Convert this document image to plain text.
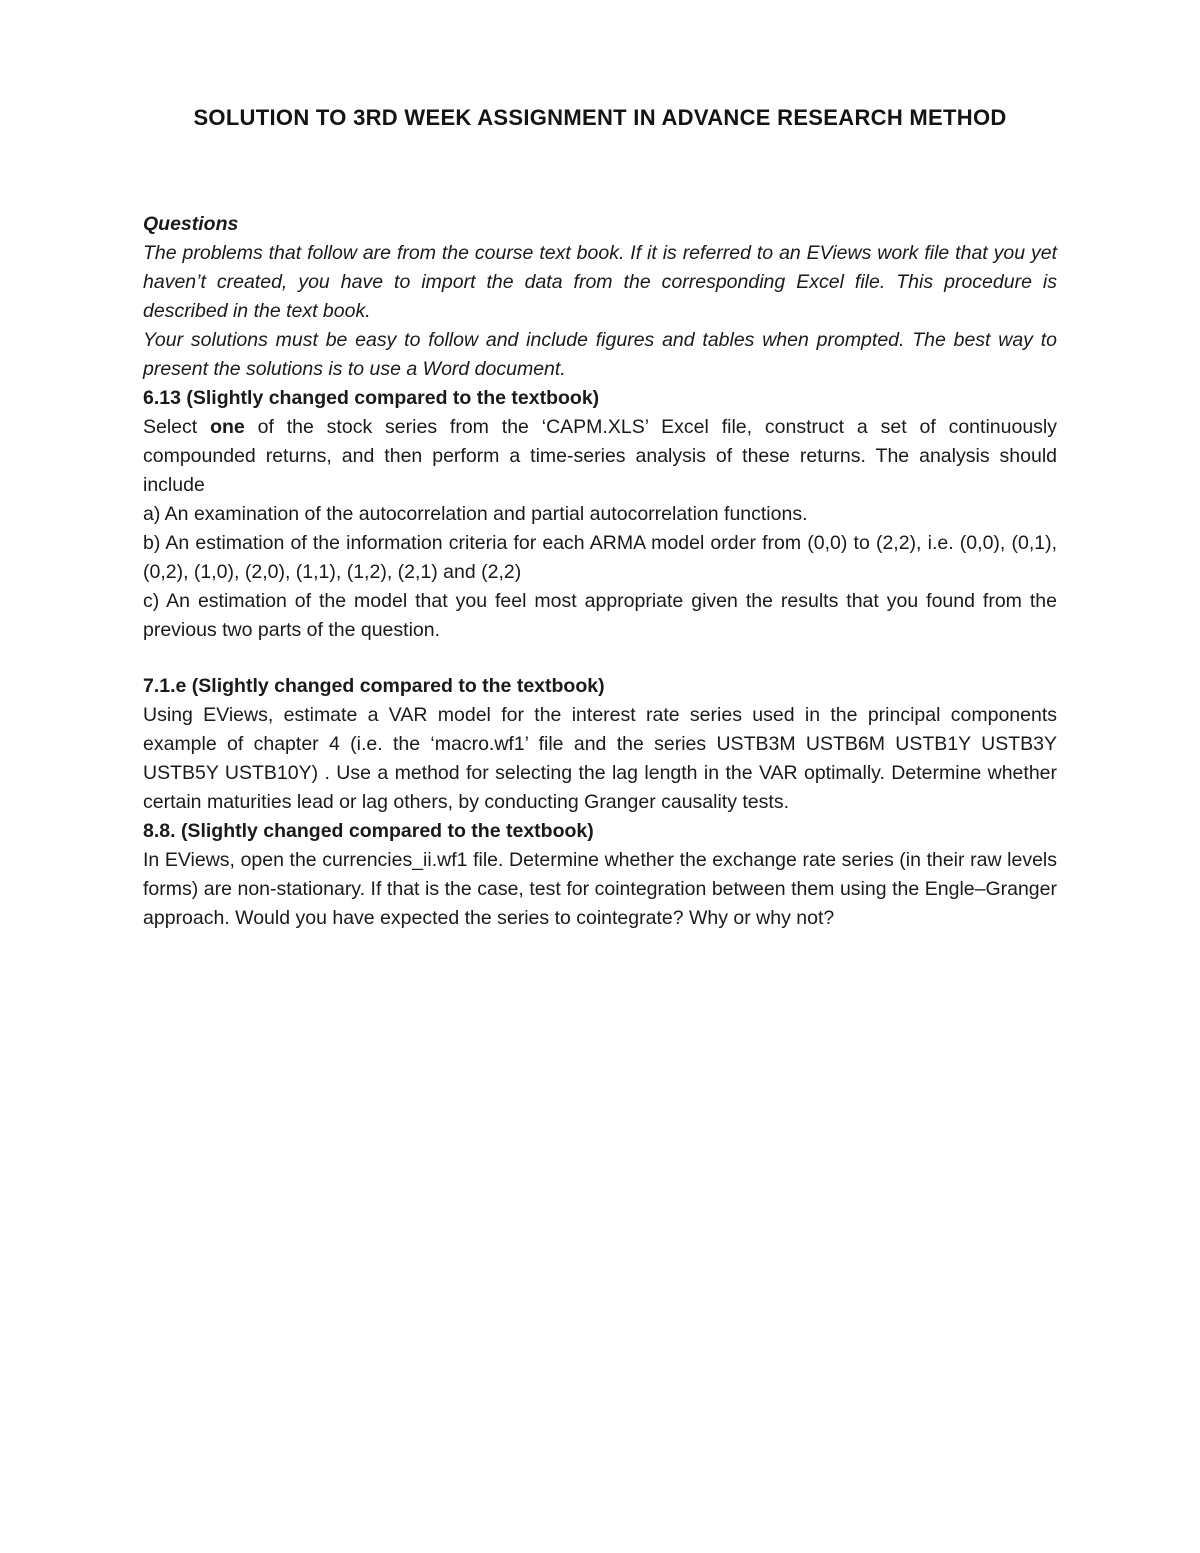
SOLUTION TO 3RD WEEK ASSIGNMENT IN ADVANCE RESEARCH METHOD

Questions

The problems that follow are from the course text book. If it is referred to an EViews work file that you yet haven’t created, you have to import the data from the corresponding Excel file. This procedure is described in the text book.

Your solutions must be easy to follow and include figures and tables when prompted. The best way to present the solutions is to use a Word document.

6.13 (Slightly changed compared to the textbook)

Select one of the stock series from the ‘CAPM.XLS’ Excel file, construct a set of continuously compounded returns, and then perform a time-series analysis of these returns. The analysis should include

a) An examination of the autocorrelation and partial autocorrelation functions.

b) An estimation of the information criteria for each ARMA model order from (0,0) to (2,2), i.e. (0,0), (0,1), (0,2), (1,0), (2,0), (1,1), (1,2), (2,1) and (2,2)

c) An estimation of the model that you feel most appropriate given the results that you found from the previous two parts of the question.

7.1.e (Slightly changed compared to the textbook)

Using EViews, estimate a VAR model for the interest rate series used in the principal components example of chapter 4 (i.e. the ‘macro.wf1’ file and the series USTB3M USTB6M USTB1Y USTB3Y USTB5Y USTB10Y) . Use a method for selecting the lag length in the VAR optimally. Determine whether certain maturities lead or lag others, by conducting Granger causality tests.

8.8. (Slightly changed compared to the textbook)

In EViews, open the currencies_ii.wf1 file. Determine whether the exchange rate series (in their raw levels forms) are non-stationary. If that is the case, test for cointegration between them using the Engle–Granger approach. Would you have expected the series to cointegrate? Why or why not?
